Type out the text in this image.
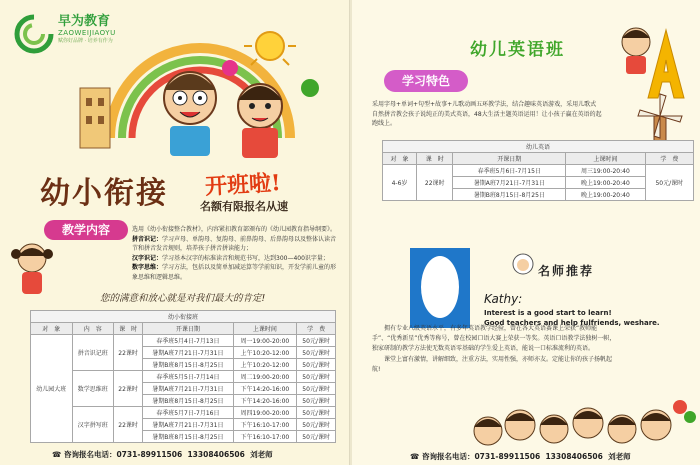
早为教育
ZAOWEIJIAOYU
赋你好品牌 · 培养有作为
幼小衔接 开班啦!
名额有限报名从速
教学内容	选用《幼小衔接整合教材》，内容紧扣教育部颁布的《幼儿园教育指导纲要》。
拼音识记：学习声母、单韵母、复韵母、前鼻韵母、后鼻韵母以及整体认读音节和拼音发音规则，培养孩子拼音拼读能力；
汉字识记：学习基本汉字的标准读音和规范书写，达到300—400识字量；
数字思维：学习方法，包括以及简单加减运算等学前知识，开发学前儿童的形象思维和逻辑思维。
您的满意和放心就是对我们最大的肯定!
幼小衔接班					
对　象	内　容	课　时	开课日期	上课时间	学　费
幼儿园大班	拼音识记班	22课时	春季班5月4日-7月13日	周一19:00-20:00	50元/课时
			暑期A班7月21日-7月31日	上午10:20-12:00	50元/课时
			暑期B班8月15日-8月25日	上午10:20-12:00	50元/课时
	数学思维班	22课时	春季班5月5日-7月14日	周二19:00-20:00	50元/课时
			暑期A班7月21日-7月31日	下午14:20-16:00	50元/课时
			暑期B班8月15日-8月25日	下午14:20-16:00	50元/课时
	汉字拼写班	22课时	春季班5月7日-7月16日	周四19:00-20:00	50元/课时
			暑期A班7月21日-7月31日	下午16:10-17:00	50元/课时
			暑期B班8月15日-8月25日	下午16:10-17:00	50元/课时
☎ 咨询报名电话：0731-89911506 13308406506 刘老师
幼儿英语班
学习特色
采用字母+单词+句型+故事+儿歌动画五环教学法，结合趣味英语游戏，采用儿歌式自然拼音教会孩子说纯正的美式英语，48大生活主题英语运用！让小孩子赢在英语的起跑线上。
幼儿英语				
对　象	课　时	开课日期	上课时间	学　费
4-6岁	22课时	春季班5月6日-7月15日	周三19:00-20:40	50元/课时
		暑期A班7月21日-7月31日	晚上19:00-20:40	
		暑期B班8月15日-8月25日	晚上19:00-20:40	
名师推荐
Kathy:
Interest is a good start to learn!
Good teachers and help fulfriends, weshare.

拥有专业八级英语水平，有多年英语教学经验，曾在各大英语赛课上荣获“教师能手”、“优秀新星”优秀等称号，曾在校园口语大赛上荣获一等奖。英语口语教学法独树一帜，独家研制的教学方法使无数英语零基础的学生爱上英语，能说一口标准流利的英语。

课堂上富有激情，讲解细致，注重方法，实用性强，亦师亦友。定能让你的孩子扬帆起航!

☎ 咨询报名电话：0731-89911506 13308406506 刘老师
